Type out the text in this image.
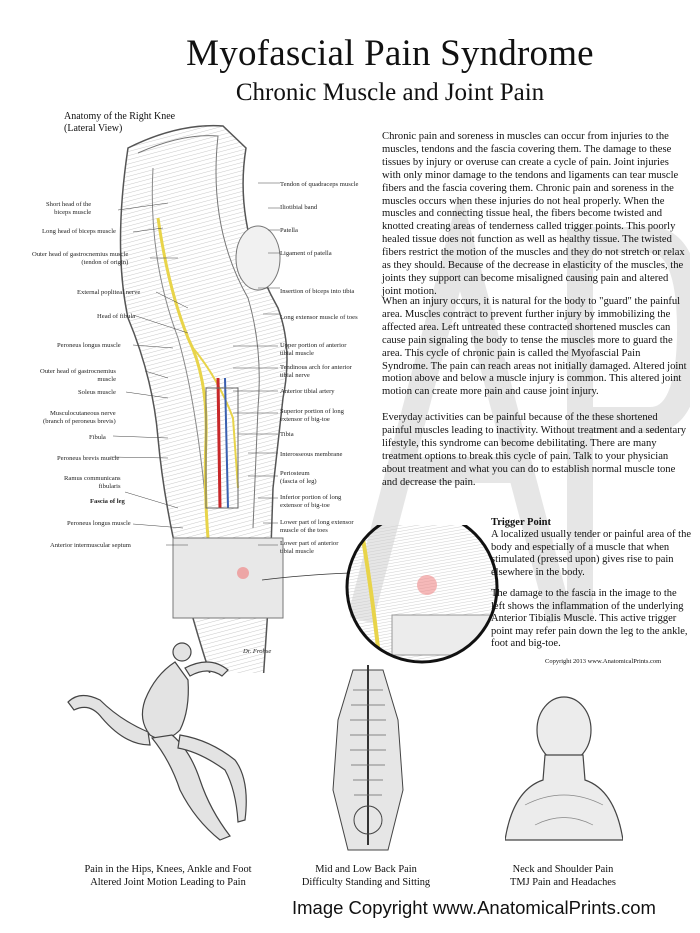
Myofascial Pain Syndrome
Chronic Muscle and Joint Pain
Anatomy of the Right Knee
(Lateral View)
Short head of the
biceps muscle
Long head of biceps muscle
Outer head of gastrocnemius muscle
(tendon of origin)
External popliteal nerve
Head of fibula
Peroneus longus muscle
Outer head of gastrocnemius
muscle
Soleus muscle
Musculocutaneous nerve
(branch of peroneus brevis)
Fibula
Peroneus brevis muscle
Ramus communicans
fibularis
Fascia of leg
Peroneus longus muscle
Anterior intermuscular septum
Tendon of quadraceps muscle
Iliotibial band
Patella
Ligament of patella
Insertion of biceps into tibia
Long extensor muscle of toes
Upper portion of anterior
tibial muscle
Tendinous arch for anterior
tibial nerve
Anterior tibial artery
Superior portion of long
extensor of big-toe
Tibia
Interosseous membrane
Periosteum
(fascia of leg)
Inferior portion of long
extensor of big-toe
Lower part of long extensor
muscle of the toes
Lower part of anterior
tibial muscle
Dr. Frohse
Chronic pain and soreness in muscles can occur from injuries to the muscles, tendons and the fascia covering them. The damage to these tissues by injury or overuse can create a cycle of pain. Joint injuries with only minor damage to the tendons and ligaments can tear muscle fibers and the fascia covering them. Chronic pain and soreness in the muscles occurs when these injuries do not heal properly. When the muscles and connecting tissue heal, the fibers become twisted and knotted creating areas of tenderness called trigger points. This poorly healed tissue does not function as well as healthy tissue. The twisted fibers restrict the motion of the muscles and they do not stretch or relax as they should. Because of the decrease in elasticity of the muscles, the joints they support can become misaligned causing pain and altered joint motion.
When an injury occurs, it is natural for the body to "guard" the painful area. Muscles contract to prevent further injury by immobilizing the affected area. Left untreated these contracted shortened muscles can cause pain signaling the body to tense the muscles more to guard the area. This cycle of chronic pain is called the Myofascial Pain Syndrome. The pain can reach areas not initially damaged. Altered joint motion above and below a muscle injury is common. This altered joint motion can create more pain and cause joint injury.
Everyday activities can be painful because of the these shortened painful muscles leading to inactivity. Without treatment and a sedentary lifestyle, this syndrome can become debilitating. There are many treatment options to break this cycle of pain. Talk to your physician about treatment and what you can do to establish normal muscle tone and decrease the pain.
Trigger Point
A localized usually tender or painful area of the body and especially of a muscle that when stimulated (pressed upon) gives rise to pain elsewhere in the body.
The damage to the fascia in the image to the left shows the inflammation of the underlying Anterior Tibialis Muscle. This active trigger point may refer pain down the leg to the ankle, foot and big-toe.
Copyright 2013 www.AnatomicalPrints.com
Pain in the Hips, Knees, Ankle and Foot
Altered Joint Motion Leading to Pain
Mid and Low Back Pain
Difficulty Standing and Sitting
Neck and Shoulder Pain
TMJ Pain and Headaches
Image Copyright www.AnatomicalPrints.com
